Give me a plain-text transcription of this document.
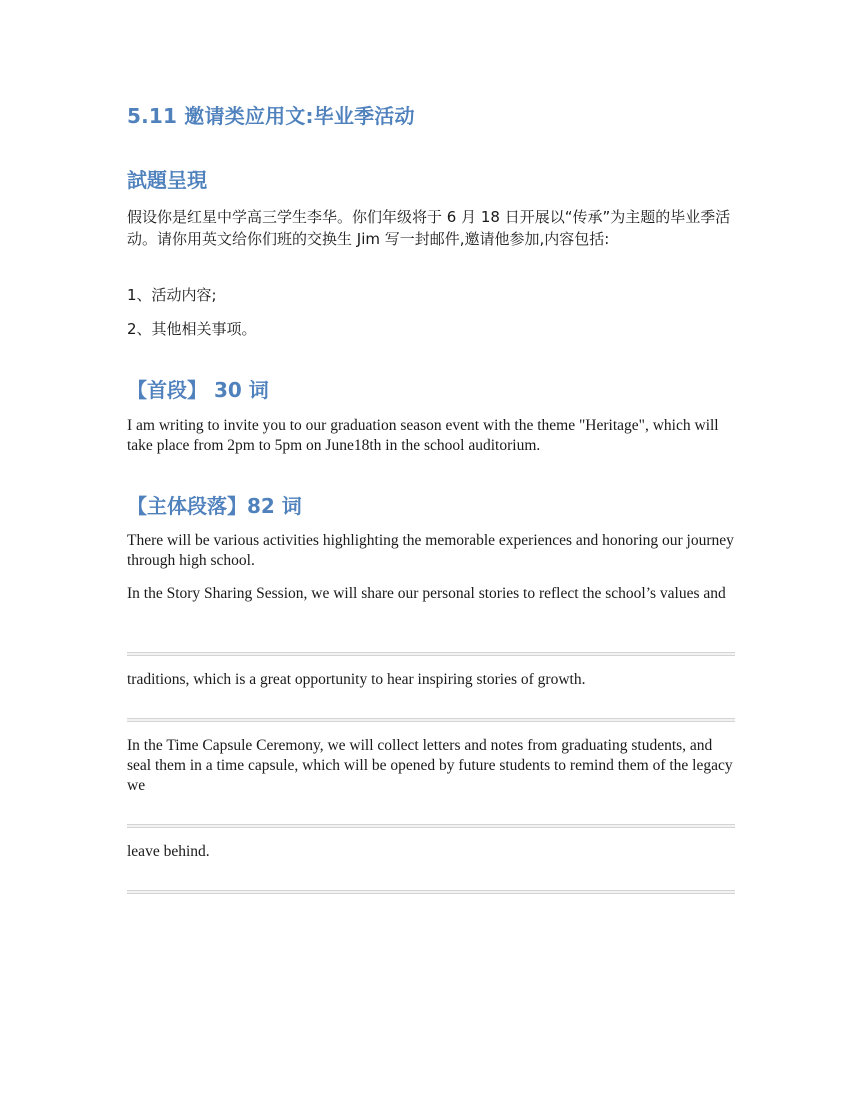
5.11 邀请类应用文:毕业季活动
試題呈現

假设你是红星中学高三学生李华。你们年级将于 6 月 18 日开展以“传承”为主题的毕业季活动。请你用英文给你们班的交换生 Jim 写一封邮件,邀请他参加,内容包括:

1、活动内容;

2、其他相关事项。

【首段】 30 词

I am writing to invite you to our graduation season event with the theme "Heritage", which will take place from 2pm to 5pm on June18th in the school auditorium.

【主体段落】82 词

There will be various activities highlighting the memorable experiences and honoring our journey through high school.

In the Story Sharing Session, we will share our personal stories to reflect the school’s values and

traditions, which is a great opportunity to hear inspiring stories of growth.

In the Time Capsule Ceremony, we will collect letters and notes from graduating students, and seal them in a time capsule, which will be opened by future students to remind them of the legacy we

leave behind.
